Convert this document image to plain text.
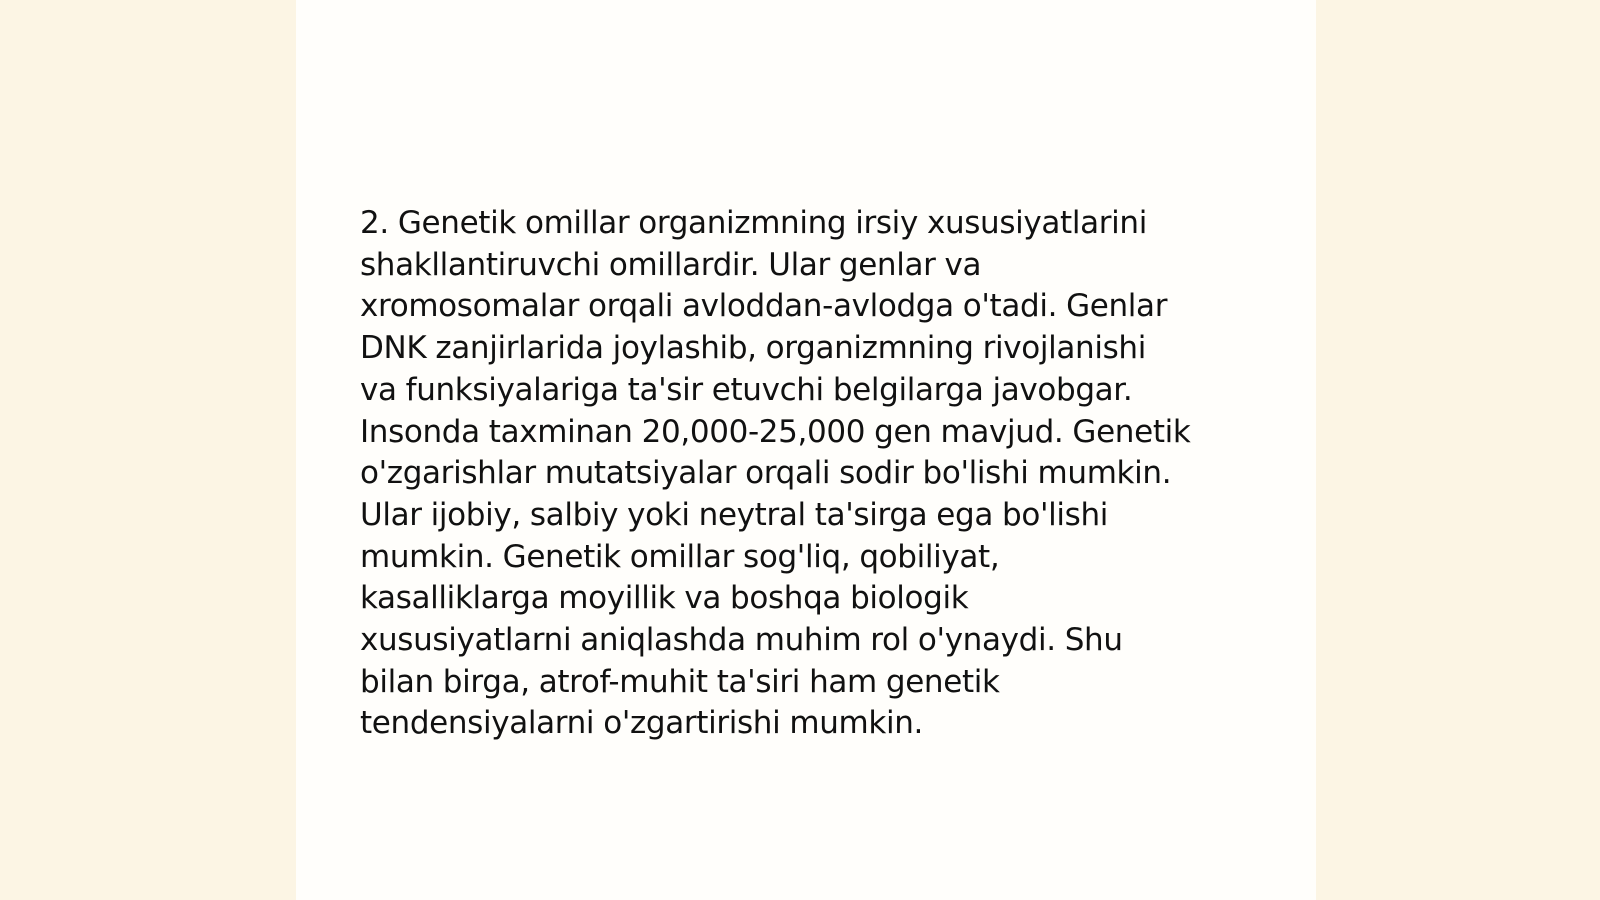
2. Genetik omillar organizmning irsiy xususiyatlarini
shakllantiruvchi omillardir. Ular genlar va
xromosomalar orqali avloddan-avlodga o'tadi. Genlar
DNK zanjirlarida joylashib, organizmning rivojlanishi
va funksiyalariga ta'sir etuvchi belgilarga javobgar.
Insonda taxminan 20,000-25,000 gen mavjud. Genetik
o'zgarishlar mutatsiyalar orqali sodir bo'lishi mumkin.
Ular ijobiy, salbiy yoki neytral ta'sirga ega bo'lishi
mumkin. Genetik omillar sog'liq, qobiliyat,
kasalliklarga moyillik va boshqa biologik
xususiyatlarni aniqlashda muhim rol o'ynaydi. Shu
bilan birga, atrof-muhit ta'siri ham genetik
tendensiyalarni o'zgartirishi mumkin.
